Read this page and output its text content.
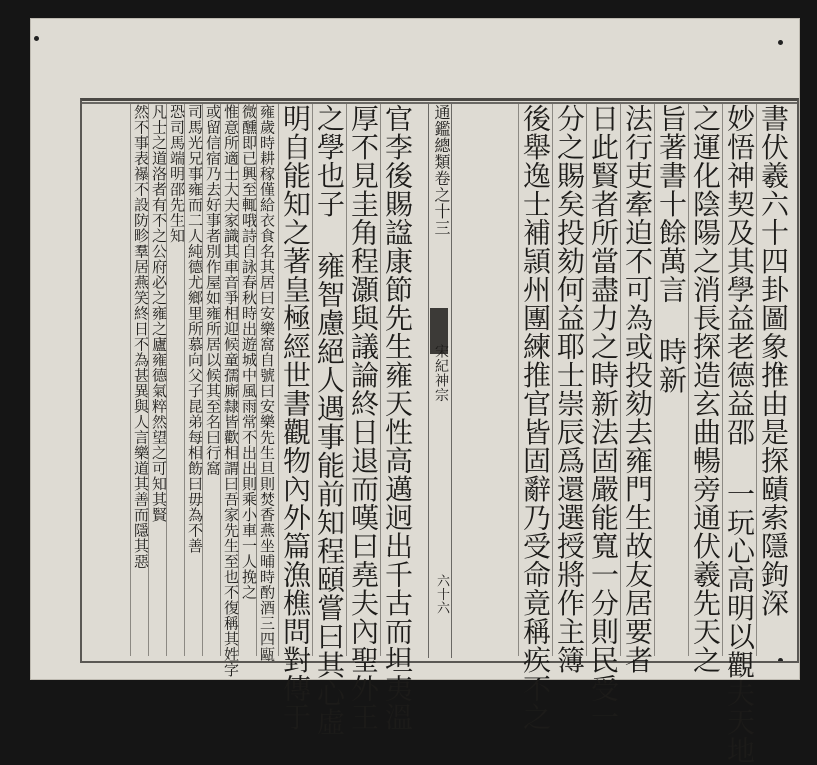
書伏羲六十四卦圖象推由是探賾索隱鉤深
妙悟神契及其學益老德益邵 一玩心高明以觀夫天地
之運化陰陽之消長探造玄曲暢旁通伏羲先天之
旨著書十餘萬言 時新
法行吏牽迫不可為或投劾去雍門生故友居要者
日此賢者所當盡力之時新法固嚴能寬一分則民受一
分之賜矣投劾何益耶士崇辰爲還選授將作主簿
後舉逸士補頴州團練推官皆固辭乃受命竟稱疾不之
通鑑總類卷之十三
宋紀神宗
六十六
官李後賜諡康節先生雍天性高邁迥出千古而坦夷溫
厚不見圭角程灝與議論終日退而嘆曰堯夫內聖外王
之學也子 雍智慮絕人遇事能前知程頤嘗曰其心虛
明自能知之著皇極經世書觀物內外篇漁樵問對傳于
雍歲時耕稼僅給衣食名其居曰安樂窩自號曰安樂先生旦則焚香燕坐晡時酌酒三四甌
微醺即已興至輒哦詩自詠春秋時出遊城中風雨常不出出則乘小車一人挽之
惟意所適士大夫家識其車音爭相迎候童孺廝隸皆歡相謂曰吾家先生至也不復稱其姓字
或留信宿乃去好事者別作屋如雍所居以候其至名曰行窩
司馬光兄事雍而二人純德尤鄉里所慕向父子昆弟每相飭曰毋為不善
恐司馬端明邵先生知
凡士之道洛者有不之公府必之雍之廬雍德氣粹然望之可知其賢
然不事表襮不設防畛羣居燕笑終日不為甚異與人言樂道其善而隱其惡
